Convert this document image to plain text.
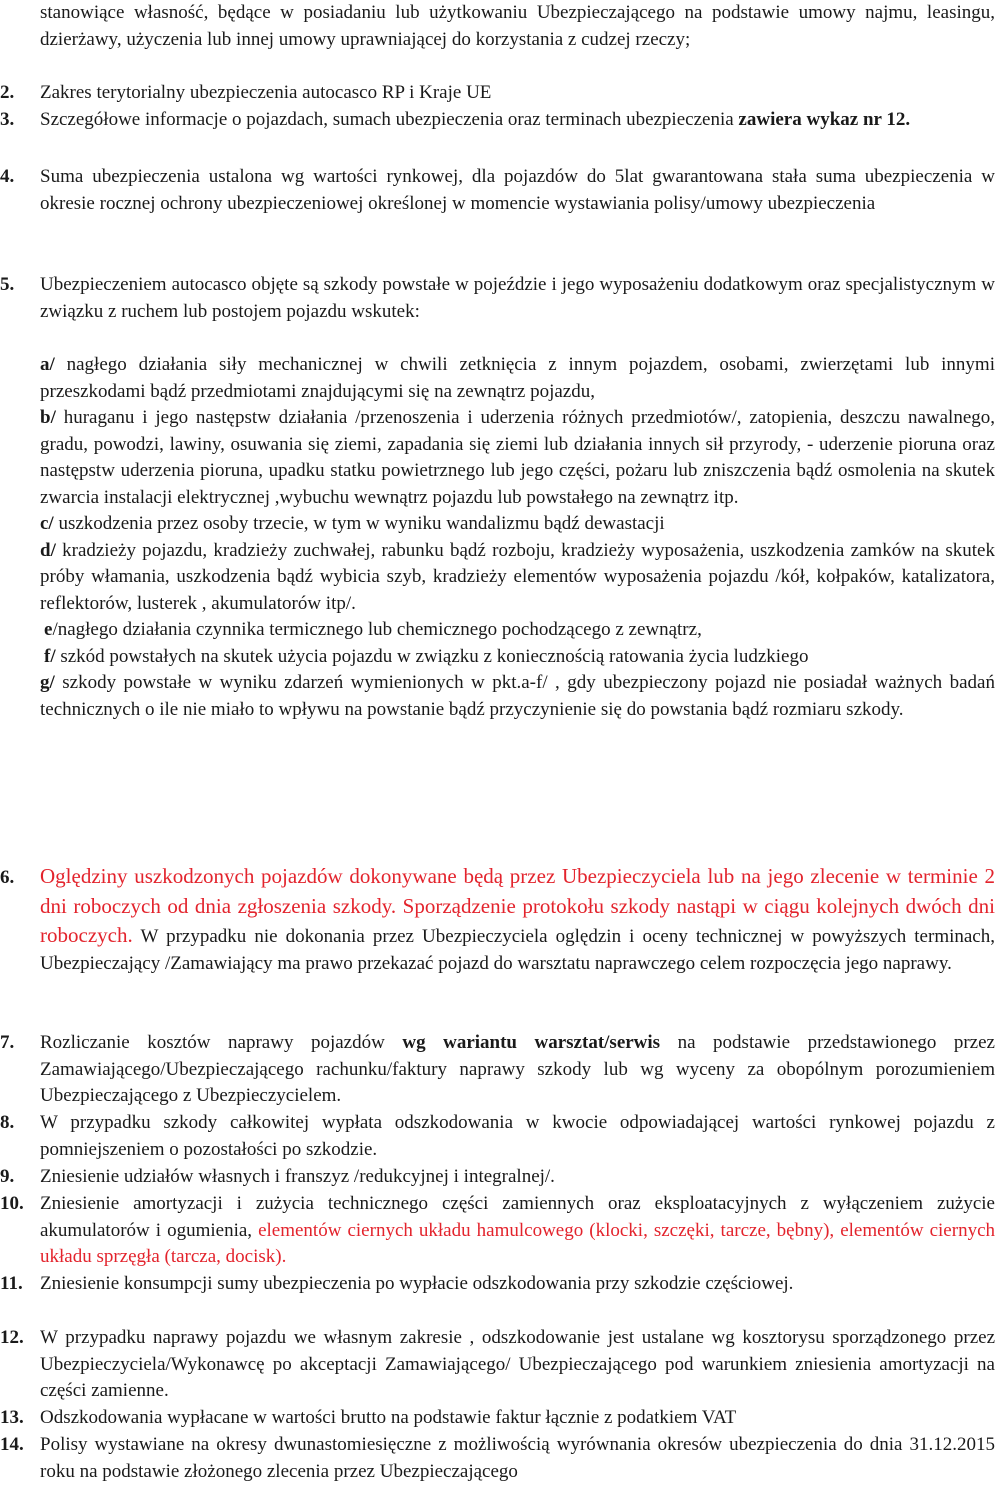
stanowiące własność, będące w posiadaniu lub użytkowaniu Ubezpieczającego na podstawie umowy najmu, leasingu, dzierżawy, użyczenia lub innej umowy uprawniającej do korzystania z cudzej rzeczy;
2. Zakres terytorialny ubezpieczenia autocasco RP i Kraje UE
3. Szczegółowe informacje o pojazdach, sumach ubezpieczenia oraz terminach ubezpieczenia zawiera wykaz nr 12.
4. Suma ubezpieczenia ustalona wg wartości rynkowej, dla pojazdów do 5lat gwarantowana stała suma ubezpieczenia w okresie rocznej ochrony ubezpieczeniowej określonej w momencie wystawiania polisy/umowy ubezpieczenia
5. Ubezpieczeniem autocasco objęte są szkody powstałe w pojeździe i jego wyposażeniu dodatkowym oraz specjalistycznym w związku z ruchem lub postojem pojazdu wskutek:

a/ nagłego działania siły mechanicznej w chwili zetknięcia z innym pojazdem, osobami, zwierzętami lub innymi przeszkodami bądź przedmiotami znajdującymi się na zewnątrz pojazdu,

b/ huraganu i jego następstw działania /przenoszenia i uderzenia różnych przedmiotów/, zatopienia, deszczu nawalnego, gradu, powodzi, lawiny, osuwania się ziemi, zapadania się ziemi lub działania innych sił przyrody, - uderzenie pioruna oraz następstw uderzenia pioruna, upadku statku powietrznego lub jego części, pożaru lub zniszczenia bądź osmolenia na skutek zwarcia instalacji elektrycznej ,wybuchu wewnątrz pojazdu lub powstałego na zewnątrz itp.

c/ uszkodzenia przez osoby trzecie, w tym w wyniku wandalizmu bądź dewastacji

d/ kradzieży pojazdu, kradzieży zuchwałej, rabunku bądź rozboju, kradzieży wyposażenia, uszkodzenia zamków na skutek próby włamania, uszkodzenia bądź wybicia szyb, kradzieży elementów wyposażenia pojazdu /kół, kołpaków, katalizatora, reflektorów, lusterek , akumulatorów itp/.

e/nagłego działania czynnika termicznego lub chemicznego pochodzącego z zewnątrz,

f/ szkód powstałych na skutek użycia pojazdu w związku z koniecznością ratowania życia ludzkiego

g/ szkody powstałe w wyniku zdarzeń wymienionych w pkt.a-f/ , gdy ubezpieczony pojazd nie posiadał ważnych badań technicznych o ile nie miało to wpływu na powstanie bądź przyczynienie się do powstania bądź rozmiaru szkody.

6. Oględziny uszkodzonych pojazdów dokonywane będą przez Ubezpieczyciela lub na jego zlecenie w terminie 2 dni roboczych od dnia zgłoszenia szkody. Sporządzenie protokołu szkody nastąpi w ciągu kolejnych dwóch dni roboczych. W przypadku nie dokonania przez Ubezpieczyciela oględzin i oceny technicznej w powyższych terminach, Ubezpieczający /Zamawiający ma prawo przekazać pojazd do warsztatu naprawczego celem rozpoczęcia jego naprawy.
7. Rozliczanie kosztów naprawy pojazdów wg wariantu warsztat/serwis na podstawie przedstawionego przez Zamawiającego/Ubezpieczającego rachunku/faktury naprawy szkody lub wg wyceny za obopólnym porozumieniem Ubezpieczającego z Ubezpieczycielem.
8. W przypadku szkody całkowitej wypłata odszkodowania w kwocie odpowiadającej wartości rynkowej pojazdu z pomniejszeniem o pozostałości po szkodzie.
9. Zniesienie udziałów własnych i franszyz /redukcyjnej i integralnej/.
10. Zniesienie amortyzacji i zużycia technicznego części zamiennych oraz eksploatacyjnych z wyłączeniem zużycie akumulatorów i ogumienia, elementów ciernych układu hamulcowego (klocki, szczęki, tarcze, bębny), elementów ciernych układu sprzęgła (tarcza, docisk).
11. Zniesienie konsumpcji sumy ubezpieczenia po wypłacie odszkodowania przy szkodzie częściowej.
12. W przypadku naprawy pojazdu we własnym zakresie , odszkodowanie jest ustalane wg kosztorysu sporządzonego przez Ubezpieczyciela/Wykonawcę po akceptacji Zamawiającego/ Ubezpieczającego pod warunkiem zniesienia amortyzacji na części zamienne.
13. Odszkodowania wypłacane w wartości brutto na podstawie faktur łącznie z podatkiem VAT
14. Polisy wystawiane na okresy dwunastomiesięczne z możliwością wyrównania okresów ubezpieczenia do dnia 31.12.2015 roku na podstawie złożonego zlecenia przez Ubezpieczającego
